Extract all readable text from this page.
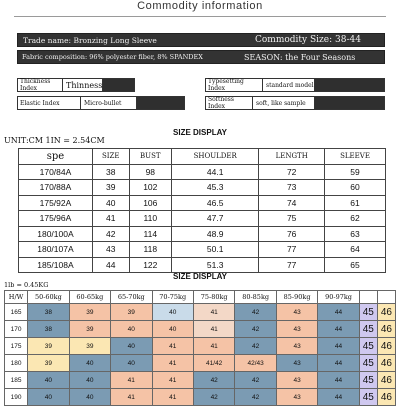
Commodity information
Trade name: Bronzing Long Sleeve	Commodity Size: 38-44
Fabric composition: 96% polyester fiber, 8% SPANDEX	SEASON: the Four Seasons
Thickness Index	Thinness	Typesetting Index	standard model
Elastic Index	Micro-bullet	Softness Index	soft, like sample
SIZE DISPLAY
UNIT:CM 1IN = 2.54CM
spe	SIZE	BUST	SHOULDER	LENGTH	SLEEVE
170/84A	38	98	44.1	72	59
170/88A	39	102	45.3	73	60
175/92A	40	106	46.5	74	61
175/96A	41	110	47.7	75	62
180/100A	42	114	48.9	76	63
180/107A	43	118	50.1	77	64
185/108A	44	122	51.3	77	65
SIZE DISPLAY
1lb = 0.45KG
H/W	50-60kg	60-65kg	65-70kg	70-75kg	75-80kg	80-85kg	85-90kg	90-97kg		
165	38	39	39	40	41	42	43	44	45	46
170	38	39	40	40	41	42	43	44	45	46
175	39	39	40	41	41	42	43	44	45	46
180	39	40	40	41	41/42	42/43	43	44	45	46
185	40	40	41	41	42	42	43	44	45	46
190	40	40	41	41	42	42	43	44	45	46
